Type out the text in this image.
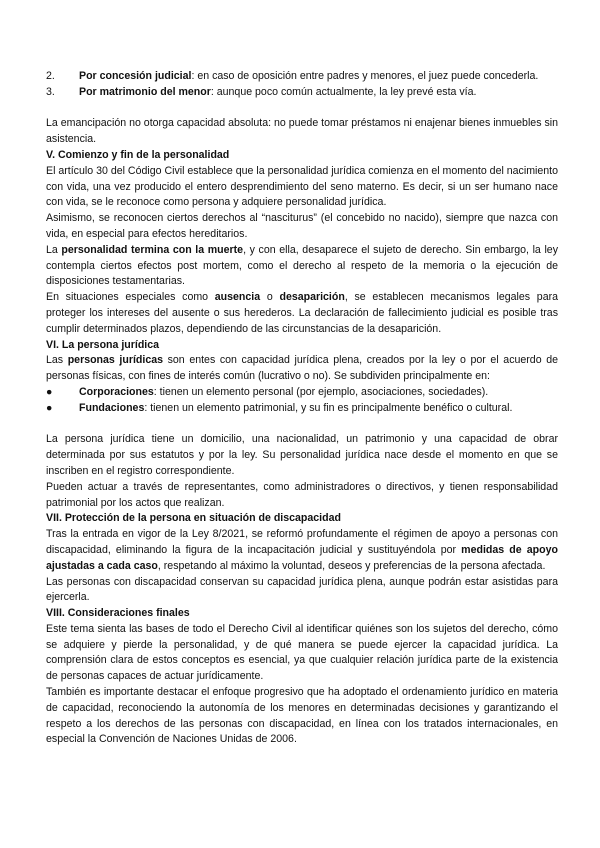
2.	Por concesión judicial: en caso de oposición entre padres y menores, el juez puede concederla.
3.	Por matrimonio del menor: aunque poco común actualmente, la ley prevé esta vía.

La emancipación no otorga capacidad absoluta: no puede tomar préstamos ni enajenar bienes inmuebles sin asistencia.

V. Comienzo y fin de la personalidad

El artículo 30 del Código Civil establece que la personalidad jurídica comienza en el momento del nacimiento con vida, una vez producido el entero desprendimiento del seno materno. Es decir, si un ser humano nace con vida, se le reconoce como persona y adquiere personalidad jurídica.

Asimismo, se reconocen ciertos derechos al “nasciturus” (el concebido no nacido), siempre que nazca con vida, en especial para efectos hereditarios.

La personalidad termina con la muerte, y con ella, desaparece el sujeto de derecho. Sin embargo, la ley contempla ciertos efectos post mortem, como el derecho al respeto de la memoria o la ejecución de disposiciones testamentarias.

En situaciones especiales como ausencia o desaparición, se establecen mecanismos legales para proteger los intereses del ausente o sus herederos. La declaración de fallecimiento judicial es posible tras cumplir determinados plazos, dependiendo de las circunstancias de la desaparición.

VI. La persona jurídica

Las personas jurídicas son entes con capacidad jurídica plena, creados por la ley o por el acuerdo de personas físicas, con fines de interés común (lucrativo o no). Se subdividen principalmente en:

●	Corporaciones: tienen un elemento personal (por ejemplo, asociaciones, sociedades).
●	Fundaciones: tienen un elemento patrimonial, y su fin es principalmente benéfico o cultural.

La persona jurídica tiene un domicilio, una nacionalidad, un patrimonio y una capacidad de obrar determinada por sus estatutos y por la ley. Su personalidad jurídica nace desde el momento en que se inscriben en el registro correspondiente.

Pueden actuar a través de representantes, como administradores o directivos, y tienen responsabilidad patrimonial por los actos que realizan.

VII. Protección de la persona en situación de discapacidad

Tras la entrada en vigor de la Ley 8/2021, se reformó profundamente el régimen de apoyo a personas con discapacidad, eliminando la figura de la incapacitación judicial y sustituyéndola por medidas de apoyo ajustadas a cada caso, respetando al máximo la voluntad, deseos y preferencias de la persona afectada.

Las personas con discapacidad conservan su capacidad jurídica plena, aunque podrán estar asistidas para ejercerla.

VIII. Consideraciones finales

Este tema sienta las bases de todo el Derecho Civil al identificar quiénes son los sujetos del derecho, cómo se adquiere y pierde la personalidad, y de qué manera se puede ejercer la capacidad jurídica. La comprensión clara de estos conceptos es esencial, ya que cualquier relación jurídica parte de la existencia de personas capaces de actuar jurídicamente.

También es importante destacar el enfoque progresivo que ha adoptado el ordenamiento jurídico en materia de capacidad, reconociendo la autonomía de los menores en determinadas decisiones y garantizando el respeto a los derechos de las personas con discapacidad, en línea con los tratados internacionales, en especial la Convención de Naciones Unidas de 2006.
